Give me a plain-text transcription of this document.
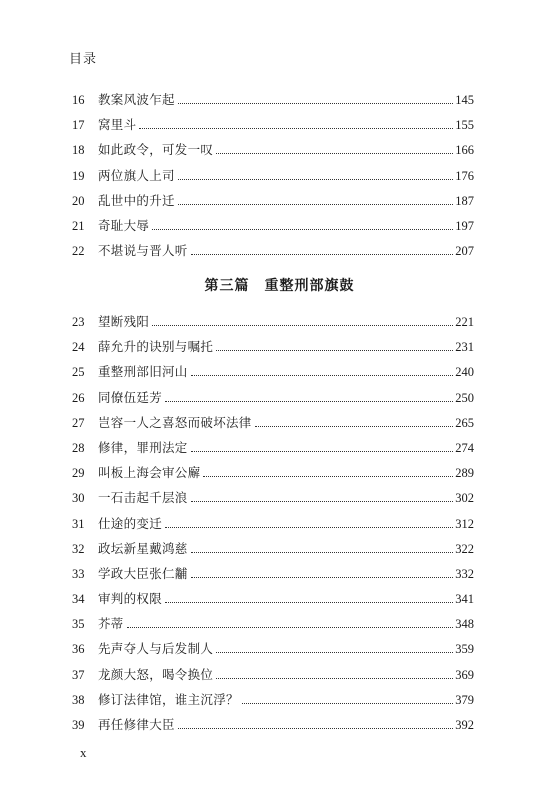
目录
16	教案风波乍起	145
17	窝里斗	155
18	如此政令，可发一叹	166
19	两位旗人上司	176
20	乱世中的升迁	187
21	奇耻大辱	197
22	不堪说与晋人听	207
第三篇　重整刑部旗鼓
23	望断残阳	221
24	薛允升的诀别与嘱托	231
25	重整刑部旧河山	240
26	同僚伍廷芳	250
27	岂容一人之喜怒而破坏法律	265
28	修律，罪刑法定	274
29	叫板上海会审公廨	289
30	一石击起千层浪	302
31	仕途的变迁	312
32	政坛新星戴鸿慈	322
33	学政大臣张仁黼	332
34	审判的权限	341
35	芥蒂	348
36	先声夺人与后发制人	359
37	龙颜大怒，喝令换位	369
38	修订法律馆，谁主沉浮？	379
39	再任修律大臣	392
x
